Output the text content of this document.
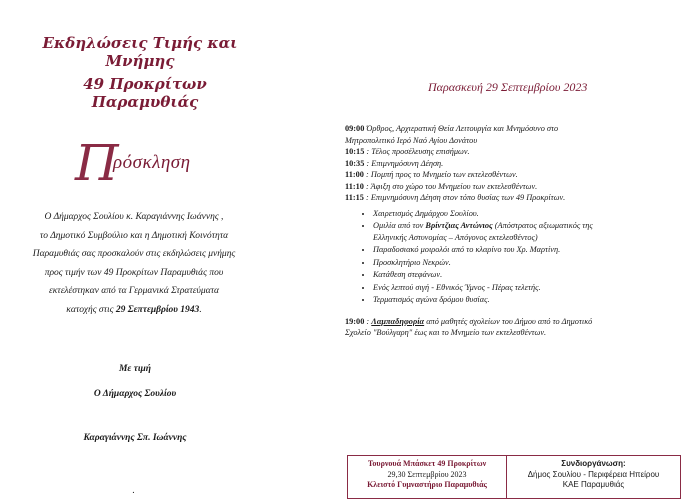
Εκδηλώσεις Τιμής και Μνήμης
49 Προκρίτων Παραμυθιάς
Π
ρόσκληση
Ο Δήμαρχος Σουλίου κ. Καραγιάννης Ιωάννης ,
το Δημοτικό Συμβούλιο και η Δημοτική Κοινότητα
Παραμυθιάς σας προσκαλούν στις εκδηλώσεις μνήμης
προς τιμήν των 49 Προκρίτων Παραμυθιάς που
εκτελέστηκαν από τα Γερμανικά Στρατεύματα
κατοχής στις 29 Σεπτεμβρίου 1943.
Με τιμή
Ο Δήμαρχος Σουλίου
Καραγιάννης Σπ. Ιωάννης
.
Παρασκευή 29 Σεπτεμβρίου 2023
09:00 Όρθρος, Αρχιερατική Θεία Λειτουργία και Μνημόσυνο στο
Μητροπολιτικό Ιερό Ναό Αγίου Δονάτου
10:15 : Τέλος προσέλευσης επισήμων.
10:35 : Επιμνημόσυνη Δέηση.
11:00 : Πομπή προς το Μνημείο των εκτελεσθέντων.
11:10 : Άφιξη στο χώρο του Μνημείου των εκτελεσθέντων.
11:15 : Επιμνημόσυνη Δέηση στον τόπο θυσίας των 49 Προκρίτων.
• Χαιρετισμός Δημάρχου Σουλίου.
• Ομιλία από τον Βρίντζιας Αντώνιος (Απόστρατος αξιωματικός της
Ελληνικής Αστυνομίας – Απόγονος εκτελεσθέντος)
• Παραδοσιακό μοιρολόι από το κλαρίνο του Χρ. Μαρτίνη.
• Προσκλητήριο Νεκρών.
• Κατάθεση στεφάνων.
• Ενός λεπτού σιγή - Εθνικός Ύμνος - Πέρας τελετής.
• Τερματισμός αγώνα δρόμου θυσίας.
19:00 : Λαμπαδηφορία από μαθητές σχολείων του Δήμου από το Δημοτικό
Σχολείο "Βούλγαρη" έως και το Μνημείο των εκτελεσθέντων.
Τουρνουά Μπάσκετ 49 Προκρίτων
29,30 Σεπτεμβρίου 2023
Κλειστό Γυμναστήριο Παραμυθιάς
Συνδιοργάνωση:
Δήμος Σουλίου - Περιφέρεια Ηπείρου
ΚΑΕ Παραμυθιάς
